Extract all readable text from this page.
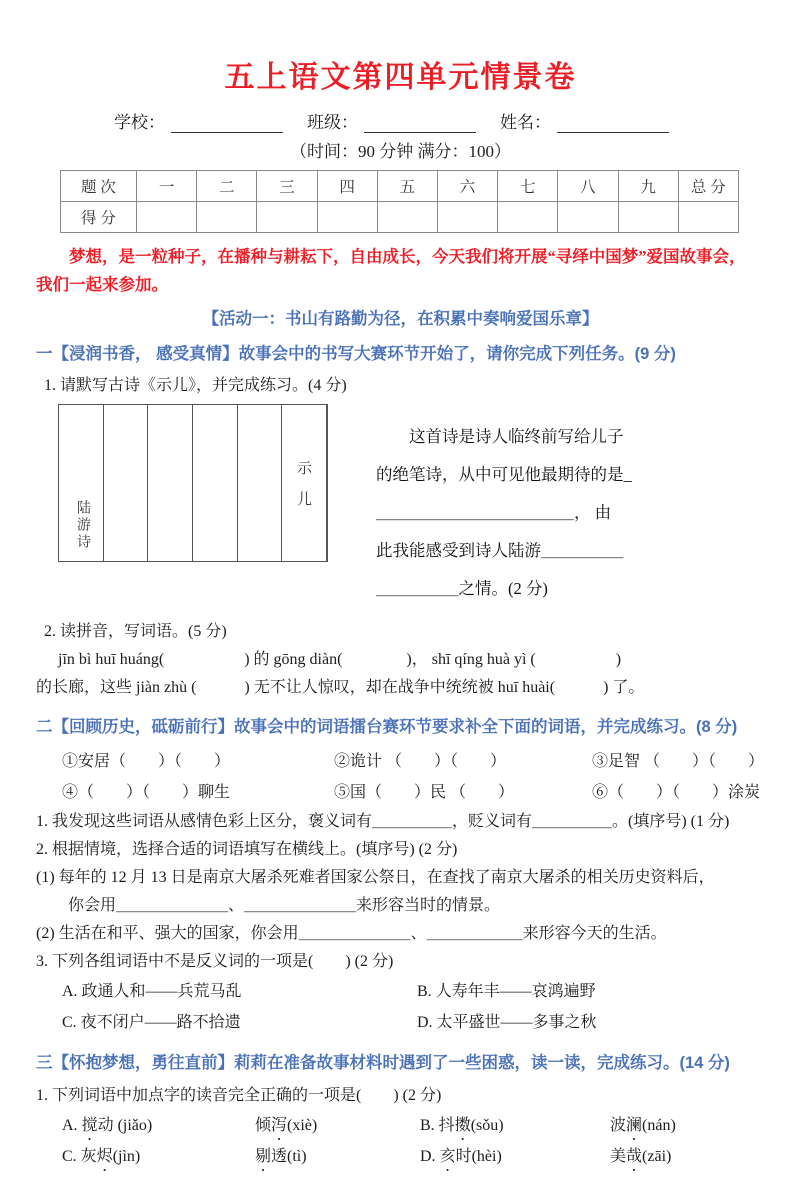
五上语文第四单元情景卷
学校：	班级：	姓名：
（时间：90 分钟 满分：100）
题 次	一	二	三	四	五	六	七	八	九	总 分
得 分										
梦想，是一粒种子，在播种与耕耘下，自由成长，今天我们将开展“寻绎中国梦”爱国故事会，
我们一起来参加。
【活动一：书山有路勤为径，在积累中奏响爱国乐章】
一【浸润书香， 感受真情】故事会中的书写大赛环节开始了，请你完成下列任务。(9 分)
1. 请默写古诗《示儿》，并完成练习。(4 分)
示儿
陆游诗
这首诗是诗人临终前写给儿子
的绝笔诗，从中可见他最期待的是_
＿＿＿＿＿＿＿＿＿＿＿＿， 由
此我能感受到诗人陆游＿＿＿＿＿
＿＿＿＿＿之情。(2 分)
2. 读拼音，写词语。(5 分)
jīn bì huī huáng(　　　　　) 的 gōng diàn(　　　　)， shī qíng huà yì (　　　　　)
的长廊，这些 jiàn zhù (　　　) 无不让人惊叹，却在战争中统统被 huī huài(　　　) 了。
二【回顾历史，砥砺前行】故事会中的词语擂台赛环节要求补全下面的词语，并完成练习。(8 分)
①安居（　　）（　　）	②诡计 （　　）（　　）	③足智 （　　）（　　）
④（　　）（　　）聊生	⑤国（　　）民 （　　）	⑥（　　）（　　）涂炭
1. 我发现这些词语从感情色彩上区分，褒义词有＿＿＿＿＿，贬义词有＿＿＿＿＿。(填序号) (1 分)
2. 根据情境，选择合适的词语填写在横线上。(填序号) (2 分)
(1) 每年的 12 月 13 日是南京大屠杀死难者国家公祭日，在查找了南京大屠杀的相关历史资料后，
你会用＿＿＿＿＿＿＿、＿＿＿＿＿＿＿来形容当时的情景。
(2) 生活在和平、强大的国家，你会用＿＿＿＿＿＿＿、＿＿＿＿＿＿来形容今天的生活。
3. 下列各组词语中不是反义词的一项是(　　) (2 分)
A. 政通人和——兵荒马乱	B. 人寿年丰——哀鸿遍野
C. 夜不闭户——路不拾遗	D. 太平盛世——多事之秋
三【怀抱梦想，勇往直前】莉莉在准备故事材料时遇到了一些困惑，读一读，完成练习。(14 分)
1. 下列词语中加点字的读音完全正确的一项是(　　) (2 分)
A. 搅动 (jiǎo)	倾泻(xiè)	B. 抖擞(sǒu)	波澜(nán)
C. 灰烬(jìn)	剔透(tì)	D. 亥时(hèi)	美哉(zāi)
